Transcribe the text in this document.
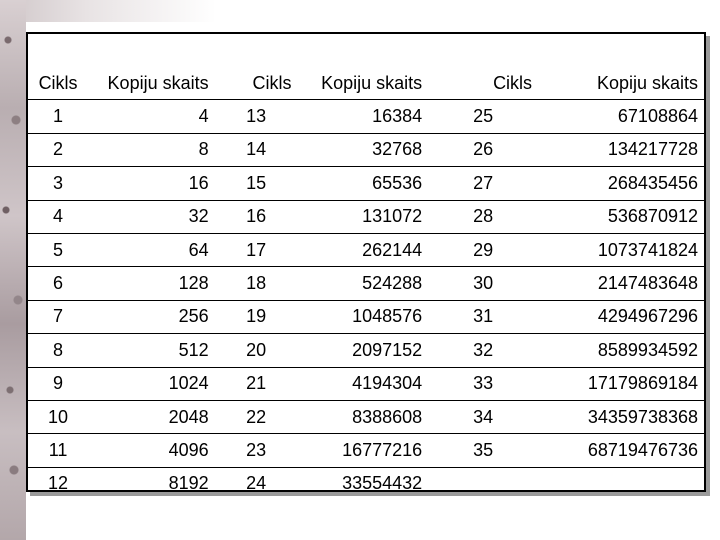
Cikls	Kopiju skaits	Cikls	Kopiju skaits	Cikls	Kopiju skaits
1	4	13	16384	25	67108864
2	8	14	32768	26	134217728
3	16	15	65536	27	268435456
4	32	16	131072	28	536870912
5	64	17	262144	29	1073741824
6	128	18	524288	30	2147483648
7	256	19	1048576	31	4294967296
8	512	20	2097152	32	8589934592
9	1024	21	4194304	33	17179869184
10	2048	22	8388608	34	34359738368
11	4096	23	16777216	35	68719476736
12	8192	24	33554432		
